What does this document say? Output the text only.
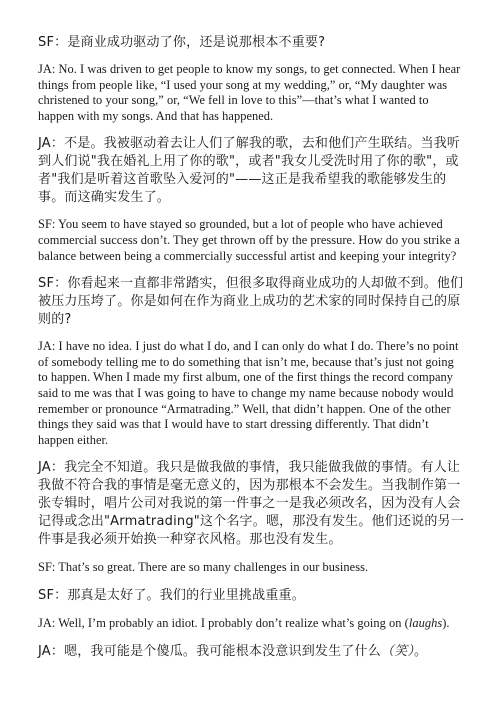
SF：是商业成功驱动了你，还是说那根本不重要?

JA: No. I was driven to get people to know my songs, to get connected. When I hear things from people like, “I used your song at my wedding,” or, “My daughter was christened to your song,” or, “We fell in love to this”—that’s what I wanted to happen with my songs. And that has happened.

JA：不是。我被驱动着去让人们了解我的歌，去和他们产生联结。当我听到人们说"我在婚礼上用了你的歌"，或者"我女儿受洗时用了你的歌"，或者"我们是听着这首歌坠入爱河的"——这正是我希望我的歌能够发生的事。而这确实发生了。

SF: You seem to have stayed so grounded, but a lot of people who have achieved commercial success don’t. They get thrown off by the pressure. How do you strike a balance between being a commercially successful artist and keeping your integrity?

SF：你看起来一直都非常踏实，但很多取得商业成功的人却做不到。他们被压力压垮了。你是如何在作为商业上成功的艺术家的同时保持自己的原则的?

JA: I have no idea. I just do what I do, and I can only do what I do. There’s no point of somebody telling me to do something that isn’t me, because that’s just not going to happen. When I made my first album, one of the first things the record company said to me was that I was going to have to change my name because nobody would remember or pronounce “Armatrading.” Well, that didn’t happen. One of the other things they said was that I would have to start dressing differently. That didn’t happen either.

JA：我完全不知道。我只是做我做的事情，我只能做我做的事情。有人让我做不符合我的事情是毫无意义的，因为那根本不会发生。当我制作第一张专辑时，唱片公司对我说的第一件事之一是我必须改名，因为没有人会记得或念出"Armatrading"这个名字。嗯，那没有发生。他们还说的另一件事是我必须开始换一种穿衣风格。那也没有发生。

SF: That’s so great. There are so many challenges in our business.

SF：那真是太好了。我们的行业里挑战重重。

JA: Well, I’m probably an idiot. I probably don’t realize what’s going on (laughs).

JA：嗯，我可能是个傻瓜。我可能根本没意识到发生了什么（笑）。
